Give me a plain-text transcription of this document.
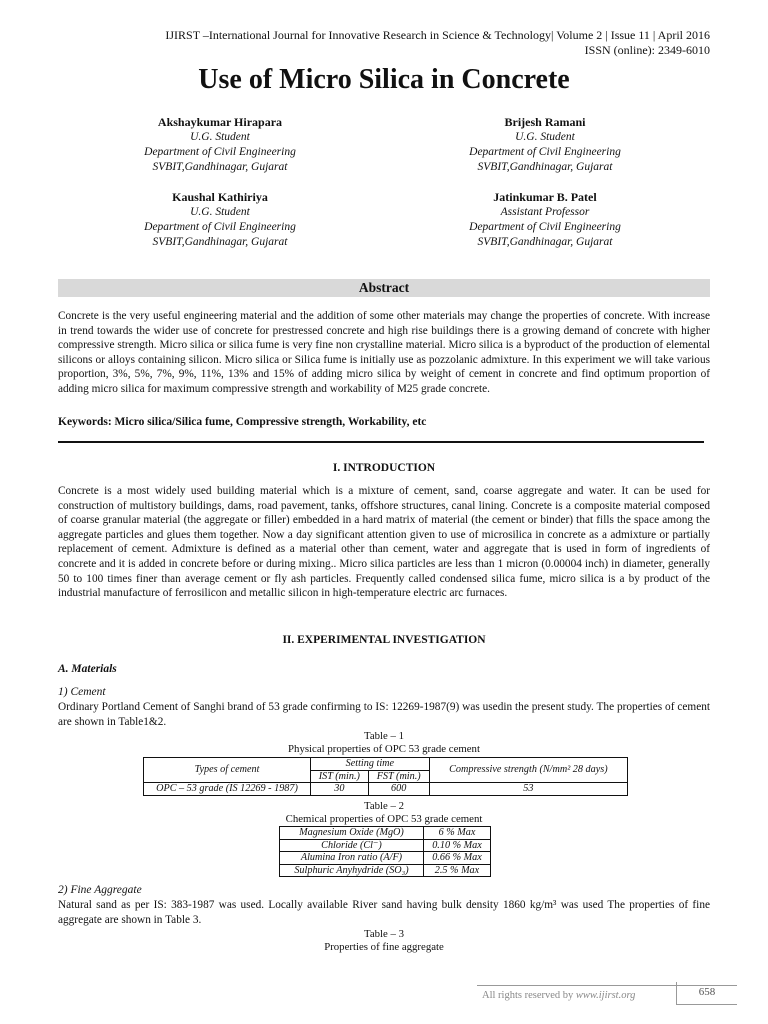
IJIRST –International Journal for Innovative Research in Science & Technology| Volume 2 | Issue 11 | April 2016
ISSN (online): 2349-6010
Use of Micro Silica in Concrete
Akshaykumar Hirapara
U.G. Student
Department of Civil Engineering
SVBIT,Gandhinagar, Gujarat
Brijesh Ramani
U.G. Student
Department of Civil Engineering
SVBIT,Gandhinagar, Gujarat
Kaushal Kathiriya
U.G. Student
Department of Civil Engineering
SVBIT,Gandhinagar, Gujarat
Jatinkumar B. Patel
Assistant Professor
Department of Civil Engineering
SVBIT,Gandhinagar, Gujarat
Abstract

Concrete is the very useful engineering material and the addition of some other materials may change the properties of concrete. With increase in trend towards the wider use of concrete for prestressed concrete and high rise buildings there is a growing demand of concrete with higher compressive strength. Micro silica or silica fume is very fine non crystalline material. Micro silica is a byproduct of the production of elemental silicons or alloys containing silicon. Micro silica or Silica fume is initially use as pozzolanic admixture. In this experiment we will take various proportion, 3%, 5%, 7%, 9%, 11%, 13% and 15% of adding micro silica by weight of cement in concrete and find optimum proportion of adding micro silica for maximum compressive strength and workability of M25 grade concrete.

Keywords: Micro silica/Silica fume, Compressive strength, Workability, etc
I. INTRODUCTION

Concrete is a most widely used building material which is a mixture of cement, sand, coarse aggregate and water. It can be used for construction of multistory buildings, dams, road pavement, tanks, offshore structures, canal lining. Concrete is a composite material composed of coarse granular material (the aggregate or filler) embedded in a hard matrix of material (the cement or binder) that fills the space among the aggregate particles and glues them together. Now a day significant attention given to use of microsilica in concrete as a admixture or partially replacement of cement. Admixture is defined as a material other than cement, water and aggregate that is used in form of ingredients of concrete and it is added in concrete before or during mixing.. Micro silica particles are less than 1 micron (0.00004 inch) in diameter, generally 50 to 100 times finer than average cement or fly ash particles. Frequently called condensed silica fume, micro silica is a by product of the industrial manufacture of ferrosilicon and metallic silicon in high-temperature electric arc furnaces.

II. EXPERIMENTAL INVESTIGATION
A. Materials
1) Cement

Ordinary Portland Cement of Sanghi brand of 53 grade confirming to IS: 12269-1987(9) was usedin the present study. The properties of cement are shown in Table1&2.

Table – 1
Physical properties of OPC 53 grade cement
Types of cement	Setting time		Compressive strength (N/mm² 28 days)
	IST (min.)	FST (min.)	
OPC – 53 grade (IS 12269 - 1987)	30	600	53
Table – 2
Chemical properties of OPC 53 grade cement
Magnesium Oxide (MgO)	6 % Max
Chloride (Cl⁻)	0.10 % Max
Alumina Iron ratio (A/F)	0.66 % Max
Sulphuric Anyhydride (SO₃)	2.5 % Max
2) Fine Aggregate

Natural sand as per IS: 383-1987 was used. Locally available River sand having bulk density 1860 kg/m³ was used The properties of fine aggregate are shown in Table 3.

Table – 3
Properties of fine aggregate
All rights reserved by www.ijirst.org	658
